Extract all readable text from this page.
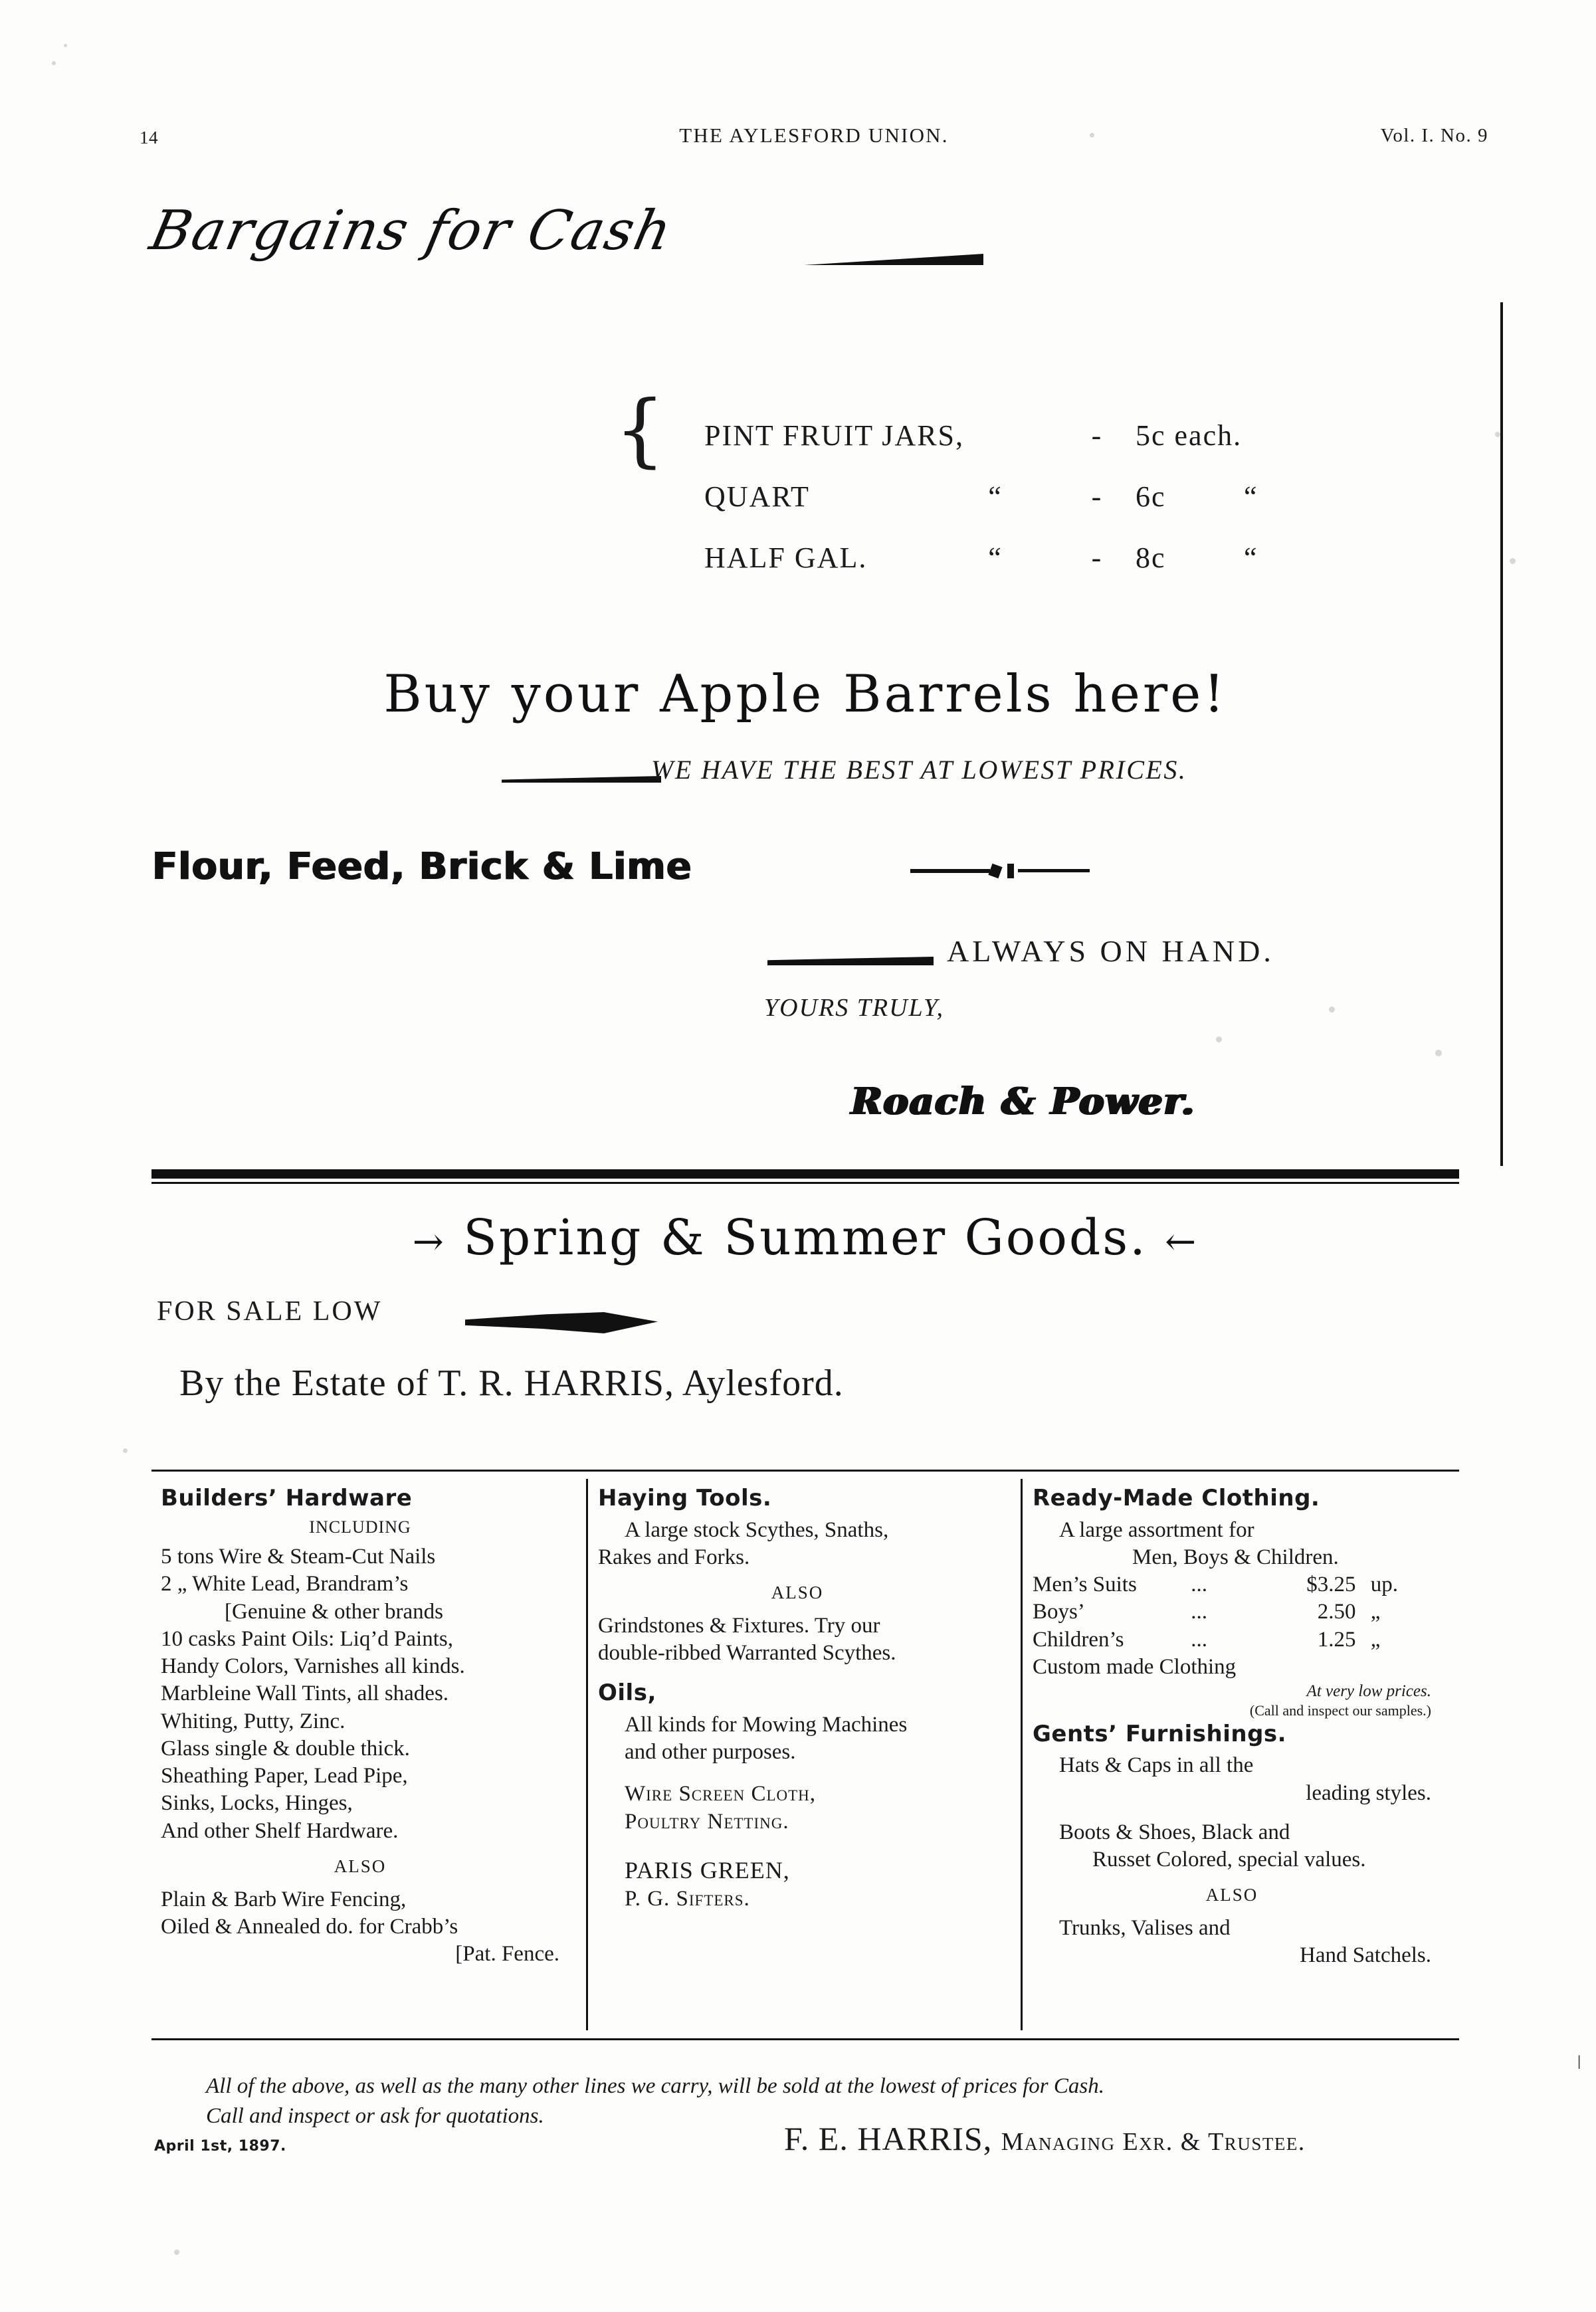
14	THE AYLESFORD UNION.	Vol. I. No. 9
Bargains for Cash
{ PINT FRUIT JARS,	- 5c each.
QUART	“	- 6c	“
HALF GAL.	“	- 8c	“
Buy your Apple Barrels here!
WE HAVE THE BEST AT LOWEST PRICES.
Flour, Feed, Brick & Lime
ALWAYS ON HAND.
YOURS TRULY,
Roach & Power.
→ Spring & Summer Goods. ←
FOR SALE LOW
By the Estate of T. R. HARRIS, Aylesford.
Builders’ Hardware
INCLUDING
5 tons Wire & Steam-Cut Nails
2 „ White Lead, Brandram’s
[Genuine & other brands
10 casks Paint Oils: Liq’d Paints,
Handy Colors, Varnishes all kinds.
Marbleine Wall Tints, all shades.
Whiting, Putty, Zinc.
Glass single & double thick.
Sheathing Paper, Lead Pipe,
Sinks, Locks, Hinges,
And other Shelf Hardware.
ALSO
Plain & Barb Wire Fencing,
Oiled & Annealed do. for Crabb’s
[Pat. Fence.
Haying Tools.
A large stock Scythes, Snaths,
Rakes and Forks.
ALSO
Grindstones & Fixtures. Try our
double-ribbed Warranted Scythes.
Oils,
All kinds for Mowing Machines
and other purposes.
Wire Screen Cloth,
Poultry Netting.
PARIS GREEN,
P. G. Sifters.
Ready-Made Clothing.
A large assortment for
Men, Boys & Children.
Men’s Suits ...	$3.25 up.
Boys’	...	2.50 „
Children’s	...	1.25 „
Custom made Clothing
At very low prices.
(Call and inspect our samples.)
Gents’ Furnishings.
Hats & Caps in all the
leading styles.
Boots & Shoes, Black and
Russet Colored, special values.
ALSO
Trunks, Valises and
Hand Satchels.
All of the above, as well as the many other lines we carry, will be sold at the lowest of prices for Cash.
Call and inspect or ask for quotations.
April 1st, 1897.	F. E. HARRIS, Managing Exr. & Trustee.
|
